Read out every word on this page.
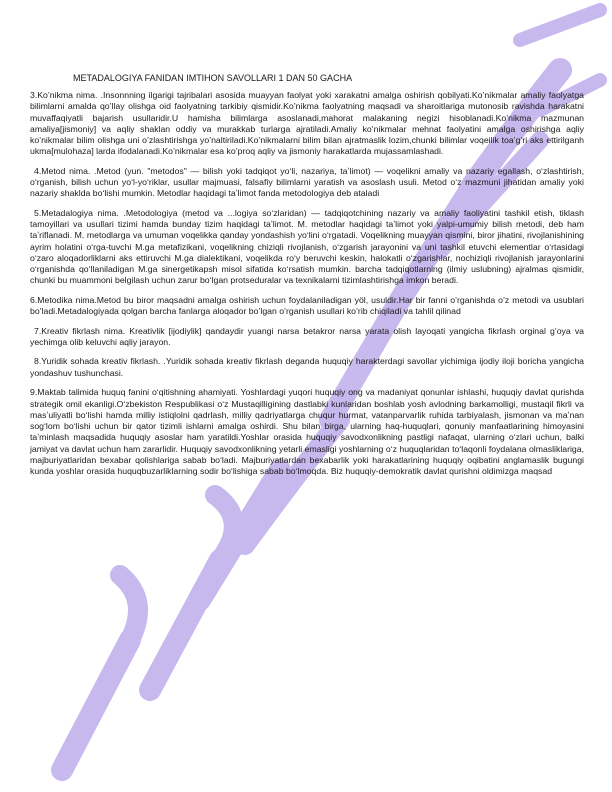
METADALOGIYA FANIDAN IMTIHON SAVOLLARI 1 DAN 50 GACHA

3.Ko’nikma nima. .Insonnning ilgarigi tajribalari asosida muayyan faolyat yoki xarakatni amalga oshirish qobilyati.Ko’nikmalar amaliy faolyatga bilimlarni amalda qo’llay olishga oid faolyatning tarkibiy qismidir.Ko’nikma faolyatning maqsadi va sharoitlariga mutonosib ravishda harakatni muvaffaqiyatli bajarish usullaridir.U hamisha bilimlarga asoslanadi,mahorat malakaning negizi hisoblanadi.Ko’nikma mazmunan amaliya[jismoniy] va aqliy shaklan oddiy va murakkab turlarga ajratiladi.Amaliy ko’nikmalar mehnat faolyatini amalga oshirishga aqliy ko’nikmalar bilim olishga uni o’zlashtirishga yo’naltiriladi.Ko’nikmalarni bilim bilan ajratmaslik lozim,chunki bilimlar voqeilik toa’g’ri aks ettirilganh ukma[mulohaza] larda ifodalanadi.Ko’nikmalar esa ko’proq aqliy va jismoniy harakatlarda mujassamlashadi.

4.Metod nima. .Metod (yun. "metodos" — bilish yoki tadqiqot yoʻli, nazariya, taʼlimot) — voqelikni amaliy va nazariy egallash, oʻzlashtirish, oʻrganish, bilish uchun yoʻl-yoʻriklar, usullar majmuasi, falsafiy bilimlarni yaratish va asoslash usuli. Metod oʻz mazmuni jihatidan amaliy yoki nazariy shaklda boʻlishi mumkin. Metodlar haqidagi taʼlimot fanda metodologiya deb ataladi

5.Metadalogiya nima. .Metodologiya (metod va ...logiya soʻzlaridan) — tadqiqotchining nazariy va amaliy faoliyatini tashkil etish, tiklash tamoyillari va usullari tizimi hamda bunday tizim haqidagi taʼlimot. M. metodlar haqidagi taʼlimot yoki yalpi-umumiy bilish metodi, deb ham taʼriflanadi. M. metodlarga va umuman voqelikka qanday yondashish yoʻlini oʻrgatadi. Voqelikning muayyan qismini, biror jihatini, rivojlanishining ayrim holatini oʻrga-tuvchi M.ga metafizikani, voqelikning chiziqli rivojlanish, oʻzgarish jarayonini va uni tashkil etuvchi elementlar oʻrtasidagi oʻzaro aloqadorliklarni aks ettiruvchi M.ga dialektikani, voqelikda roʻy beruvchi keskin, halokatli oʻzgarishlar, nochiziqli rivojlanish jarayonlarini oʻrganishda qoʻllaniladigan M.ga sinergetikapsh misol sifatida koʻrsatish mumkin. barcha tadqiqotlarning (ilmiy uslubning) ajralmas qismidir, chunki bu muammoni belgilash uchun zarur boʻlgan protseduralar va texnikalarni tizimlashtirishga imkon beradi.

6.Metodika nima.Metod bu biror maqsadni amalga oshirish uchun foydalaniladigan yöl, usuldir.Har bir fanni o’rganishda o’z metodi va usublari bo’ladi.Metadalogiyada qolgan barcha fanlarga aloqador bo’lgan o’rganish usullari ko’rib chiqiladi va tahlil qilinad

7.Kreativ fikrlash nima. Kreativlik [ijodiylik] qandaydir yuangi narsa betakror narsa yarata olish layoqati yangicha fikrlash orginal g’oya va yechimga olib keluvchi aqliy jarayon.

8.Yuridik sohada kreativ fikrlash. .Yuridik sohada kreativ fikrlash deganda huquqiy harakterdagi savollar yichimiga ijodiy iloji boricha yangicha yondashuv tushunchasi.

9.Maktab talimida huquq fanini oʻqitishning ahamiyati. Yoshlardagi yuqori huquqiy ong va madaniyat qonunlar ishlashi, huquqiy davlat qurishda strategik omil ekanligi.Oʻzbekiston Respublikasi oʻz Mustaqilligining dastlabki kunlaridan boshlab yosh avlodning barkamolligi, mustaqil fikrli va masʼuliyatli boʻlishi hamda milliy istiqlolni qadrlash, milliy qadriyatlarga chuqur hurmat, vatanparvarlik ruhida tarbiyalash, jismonan va maʼnan sogʻlom boʻlishi uchun bir qator tizimli ishlarni amalga oshirdi. Shu bilan birga, ularning haq-huquqlari, qonuniy manfaatlarining himoyasini taʼminlash maqsadida huquqiy asoslar ham yaratildi.Yoshlar orasida huquqiy savodxonlikning pastligi nafaqat, ularning oʻzlari uchun, balki jamiyat va davlat uchun ham zararlidir. Huquqiy savodxonlikning yetarli emasligi yoshlarning oʻz huquqlaridan toʻlaqonli foydalana olmasliklariga, majburiyatlaridan bexabar qolishlariga sabab boʻladi. Majburiyatlardan bexabarlik yoki harakatlarining huquqiy oqibatini anglamaslik bugungi kunda yoshlar orasida huquqbuzarliklarning sodir boʻlishiga sabab boʻlmoqda. Biz huquqiy-demokratik davlat qurishni oldimizga maqsad
